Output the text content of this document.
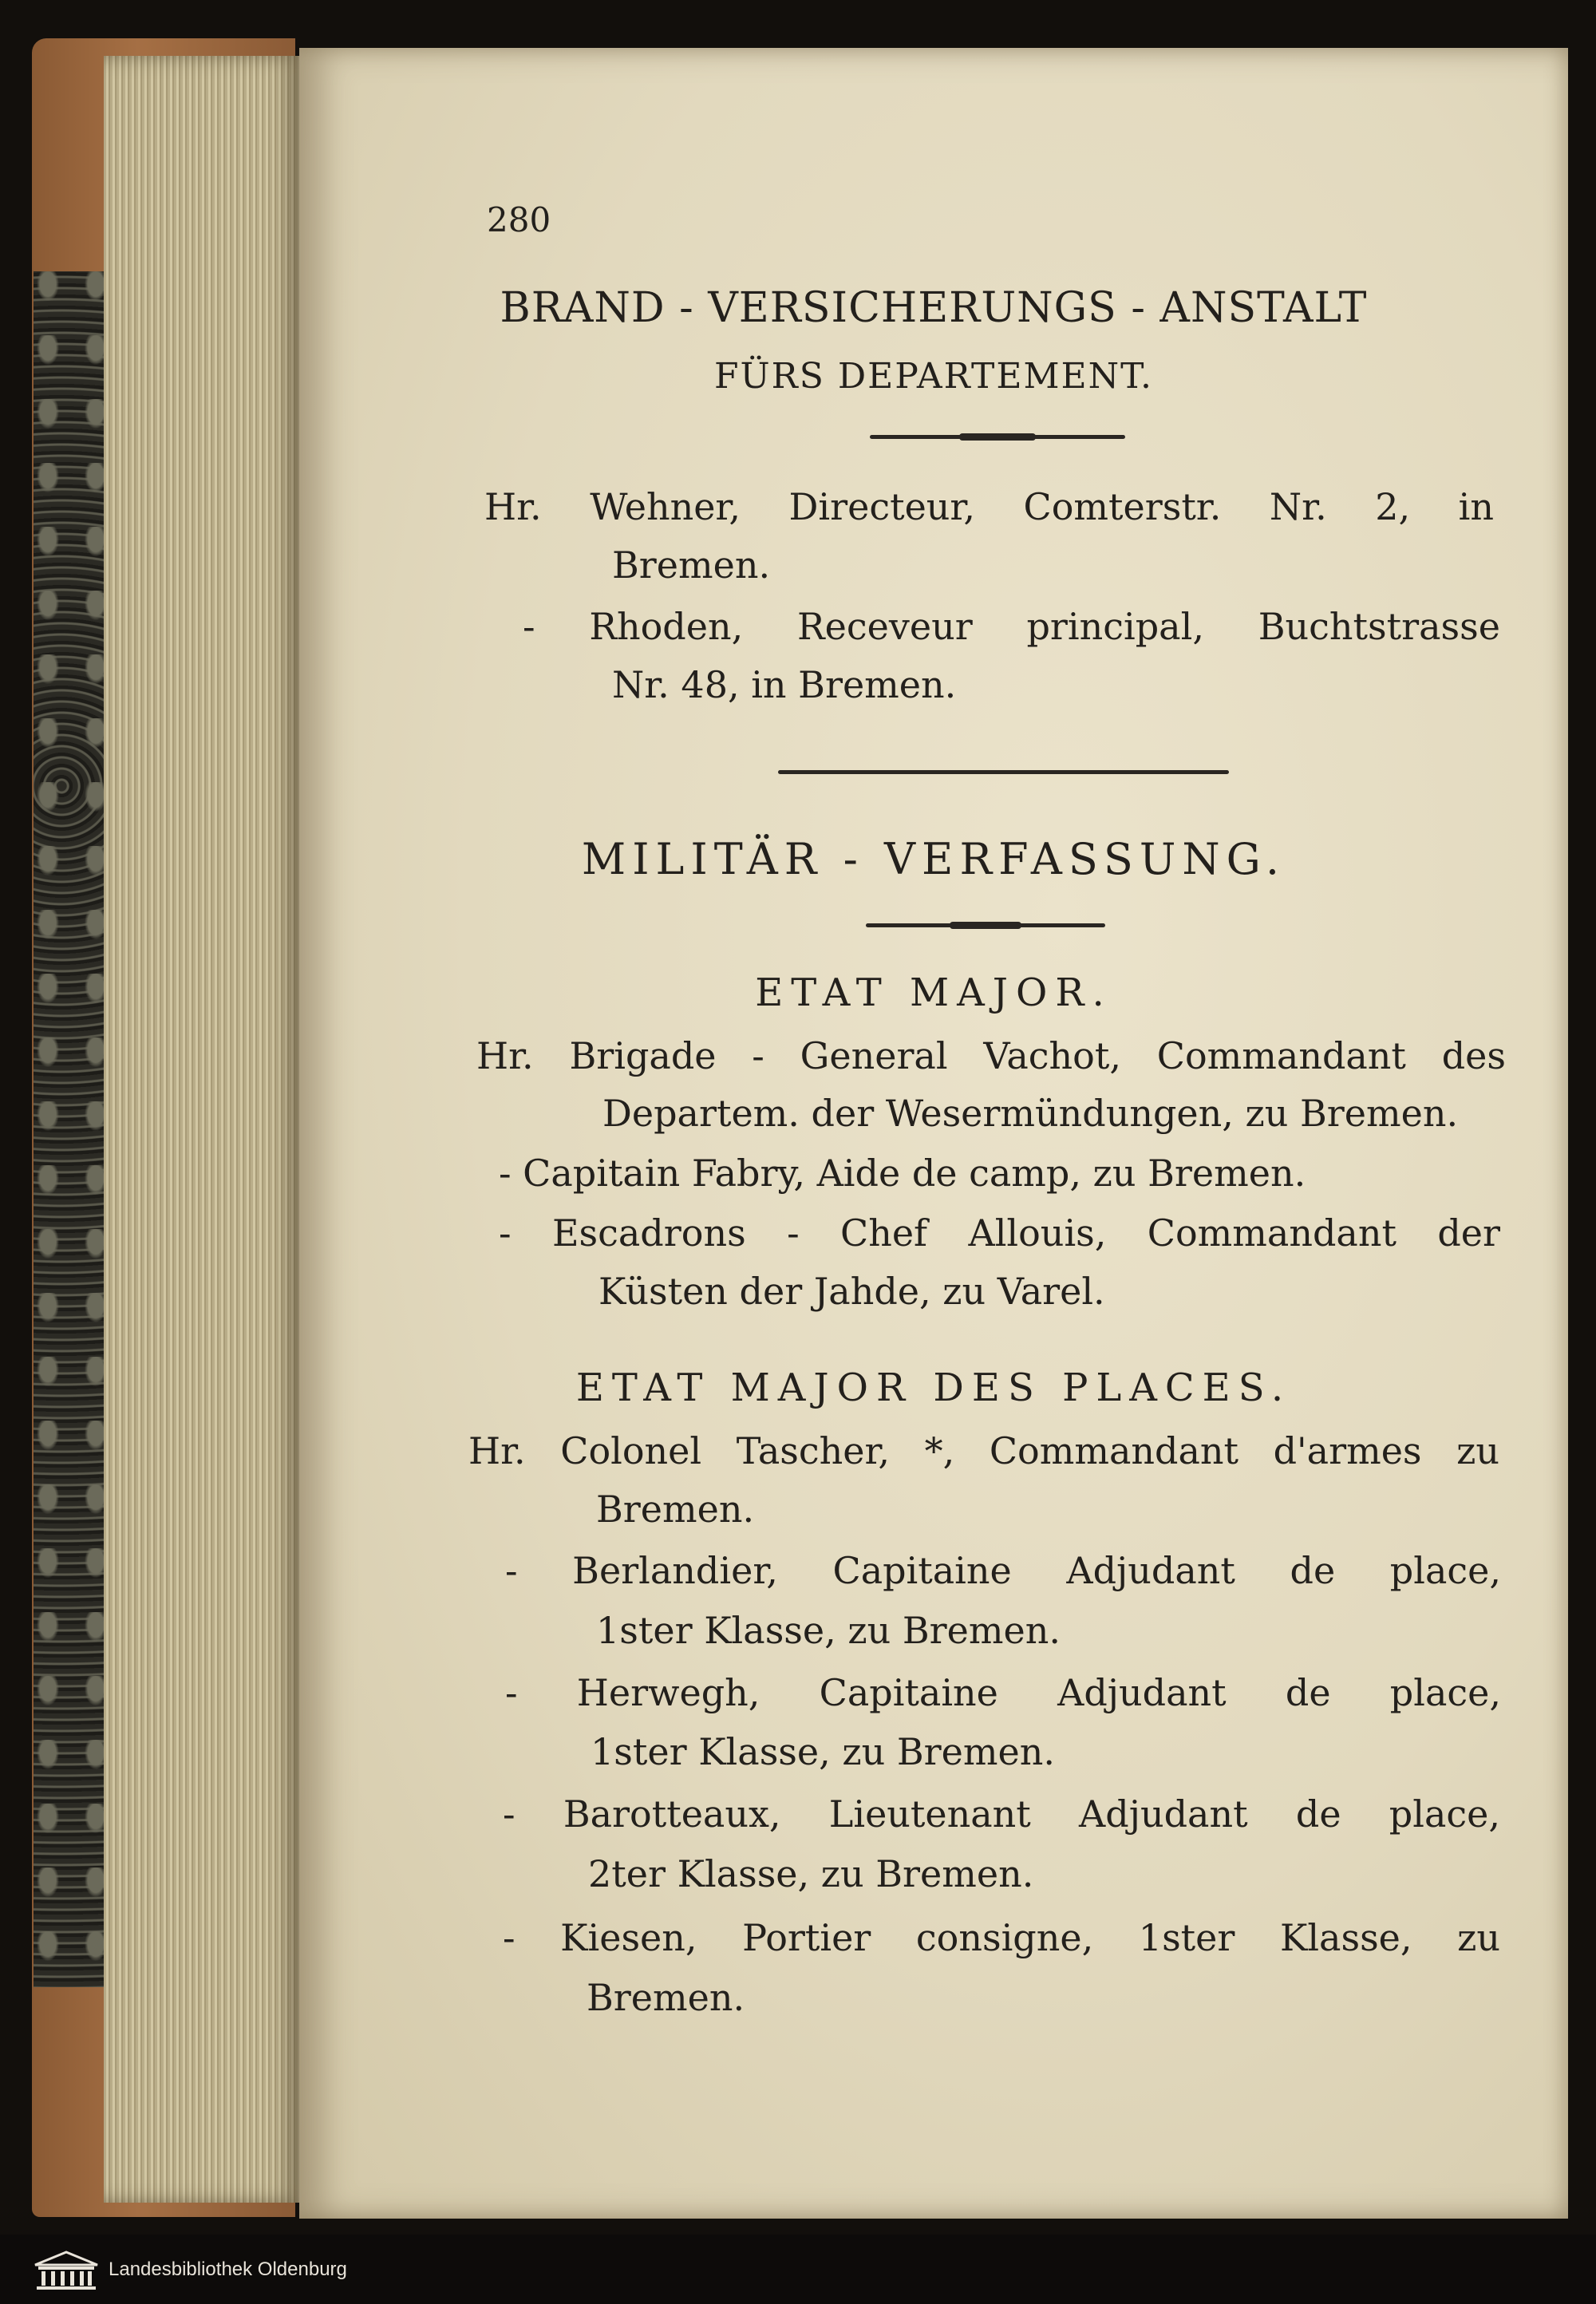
280
BRAND - VERSICHERUNGS - ANSTALT
FÜRS DEPARTEMENT.
Hr. Wehner, Directeur, Comterstr. Nr. 2, in
Bremen.
- Rhoden, Receveur principal, Buchtstrasse
Nr. 48, in Bremen.
MILITÄR - VERFASSUNG.
ETAT MAJOR.
Hr. Brigade - General Vachot, Commandant des
Departem. der Wesermündungen, zu Bremen.
- Capitain Fabry, Aide de camp, zu Bremen.
- Escadrons - Chef Allouis, Commandant der
Küsten der Jahde, zu Varel.
ETAT MAJOR DES PLACES.
Hr. Colonel Tascher, *, Commandant d'armes zu
Bremen.
- Berlandier, Capitaine Adjudant de place,
1ster Klasse, zu Bremen.
- Herwegh, Capitaine Adjudant de place,
1ster Klasse, zu Bremen.
- Barotteaux, Lieutenant Adjudant de place,
2ter Klasse, zu Bremen.
- Kiesen, Portier consigne, 1ster Klasse, zu
Bremen.
Landesbibliothek Oldenburg
